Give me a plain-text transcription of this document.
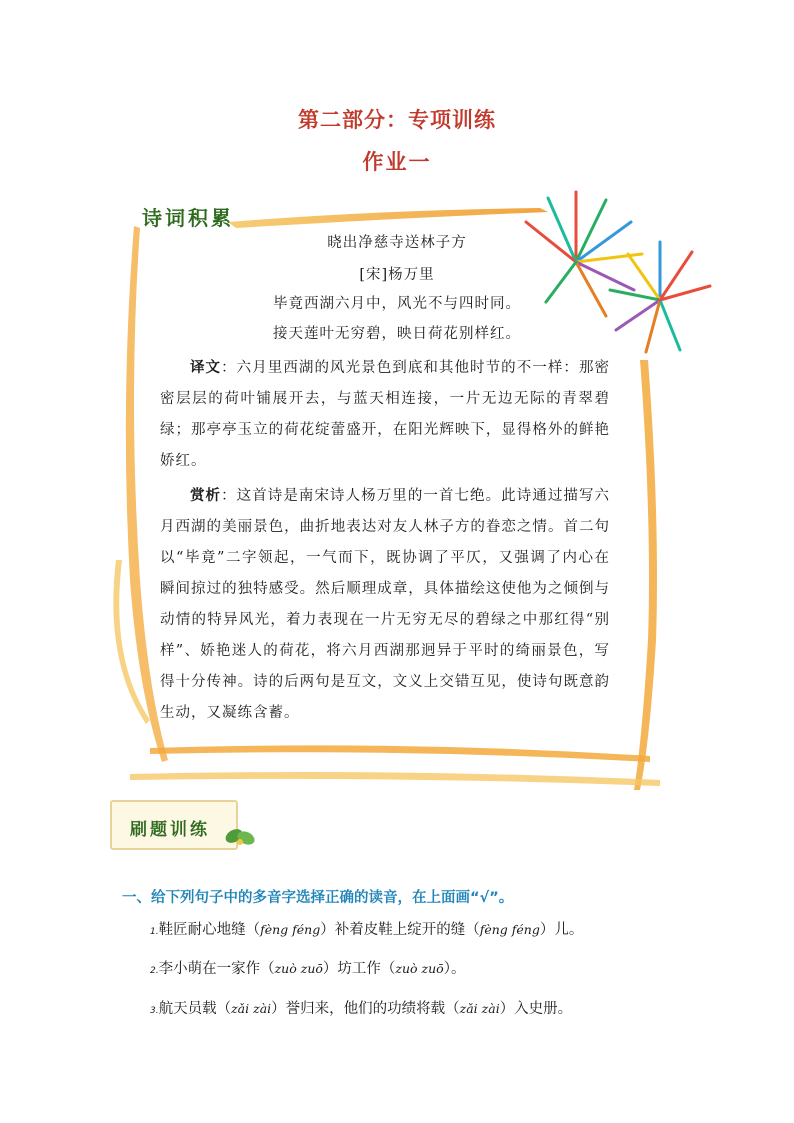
第二部分：专项训练
作业一
诗词积累
晓出净慈寺送林子方
[宋]杨万里
毕竟西湖六月中，风光不与四时同。
接天莲叶无穷碧，映日荷花别样红。
译文：六月里西湖的风光景色到底和其他时节的不一样：那密密层层的荷叶铺展开去，与蓝天相连接，一片无边无际的青翠碧绿；那亭亭玉立的荷花绽蕾盛开，在阳光辉映下，显得格外的鲜艳娇红。
赏析：这首诗是南宋诗人杨万里的一首七绝。此诗通过描写六月西湖的美丽景色，曲折地表达对友人林子方的眷恋之情。首二句以“毕竟”二字领起，一气而下，既协调了平仄，又强调了内心在瞬间掠过的独特感受。然后顺理成章，具体描绘这使他为之倾倒与动情的特异风光，着力表现在一片无穷无尽的碧绿之中那红得“别样”、娇艳迷人的荷花，将六月西湖那迥异于平时的绮丽景色，写得十分传神。诗的后两句是互文，文义上交错互见，使诗句既意韵生动，又凝练含蓄。
刷题训练
一、给下列句子中的多音字选择正确的读音，在上面画“√”。
1.鞋匠耐心地缝（fèng féng）补着皮鞋上绽开的缝（fèng féng）儿。
2.李小萌在一家作（zuò zuō）坊工作（zuò zuō）。
3.航天员载（zǎi zài）誉归来，他们的功绩将载（zǎi zài）入史册。
